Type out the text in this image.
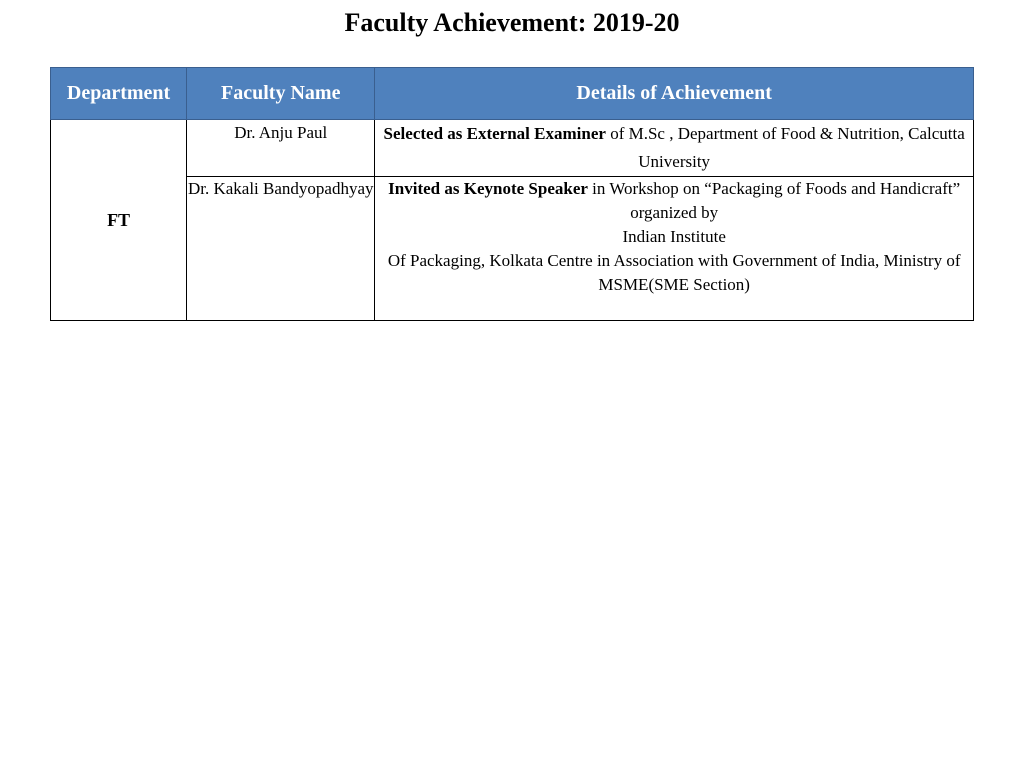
Faculty Achievement: 2019-20
Department	Faculty Name	Details of Achievement
FT	Dr. Anju Paul	Selected as External Examiner of M.Sc , Department of Food & Nutrition, Calcutta University
	Dr. Kakali Bandyopadhyay	Invited as Keynote Speaker in Workshop on “Packaging of Foods and Handicraft” organized by
Indian Institute
Of Packaging, Kolkata Centre in Association with Government of India, Ministry of MSME(SME Section)
